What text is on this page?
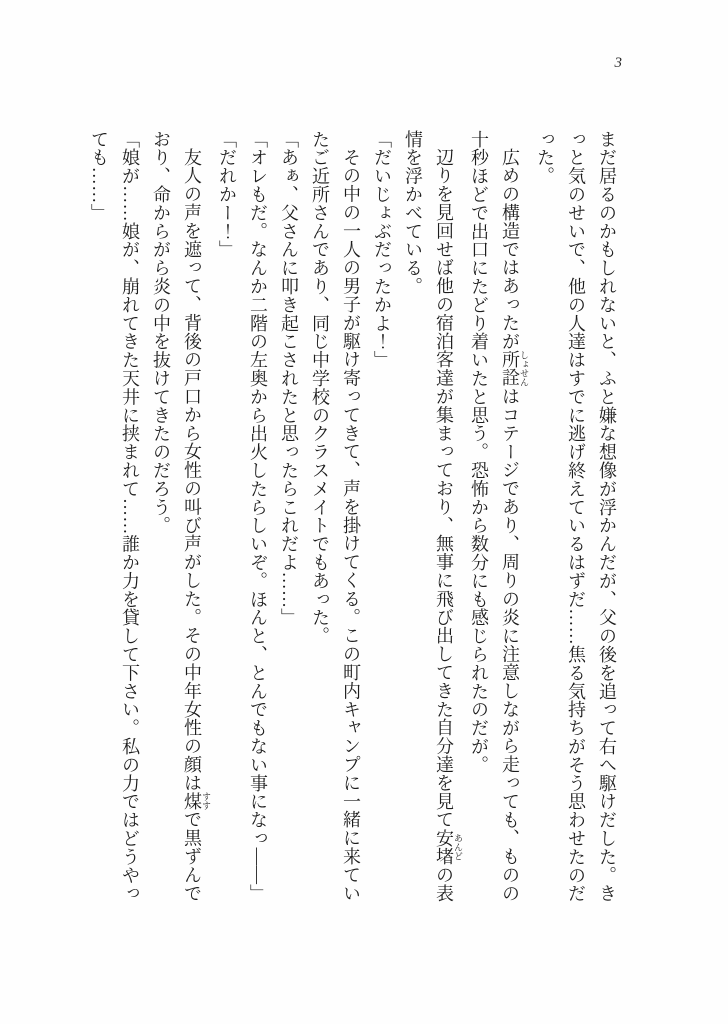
3

まだ居るのかもしれないと、ふと嫌な想像が浮かんだが、父の後を追って右へ駆けだした。きっと気のせいで、他の人達はすでに逃げ終えているはずだ……焦る気持ちがそう思わせたのだった。

広めの構造ではあったが所詮 しょせんはコテージであり、周りの炎に注意しながら走っても、ものの十秒ほどで出口にたどり着いたと思う。恐怖から数分にも感じられたのだが。

辺りを見回せば他の宿泊客達が集まっており、無事に飛び出してきた自分達を見て安堵 あんどの表情を浮かべている。

「だいじょぶだったかよ！」

その中の一人の男子が駆け寄ってきて、声を掛けてくる。この町内キャンプに一緒に来ていたご近所さんであり、同じ中学校のクラスメイトでもあった。

「あぁ、父さんに叩き起こされたと思ったらこれだよ……」

「オレもだ。なんか二階の左奥から出火したらしいぞ。ほんと、とんでもない事になっ――」

「だれかー！」

友人の声を遮って、背後の戸口から女性の叫び声がした。その中年女性の顔は煤 すすで黒ずんでおり、命からがら炎の中を抜けてきたのだろう。

「娘が……娘が、崩れてきた天井に挟まれて……誰か力を貸して下さい。私の力ではどうやっても……」
